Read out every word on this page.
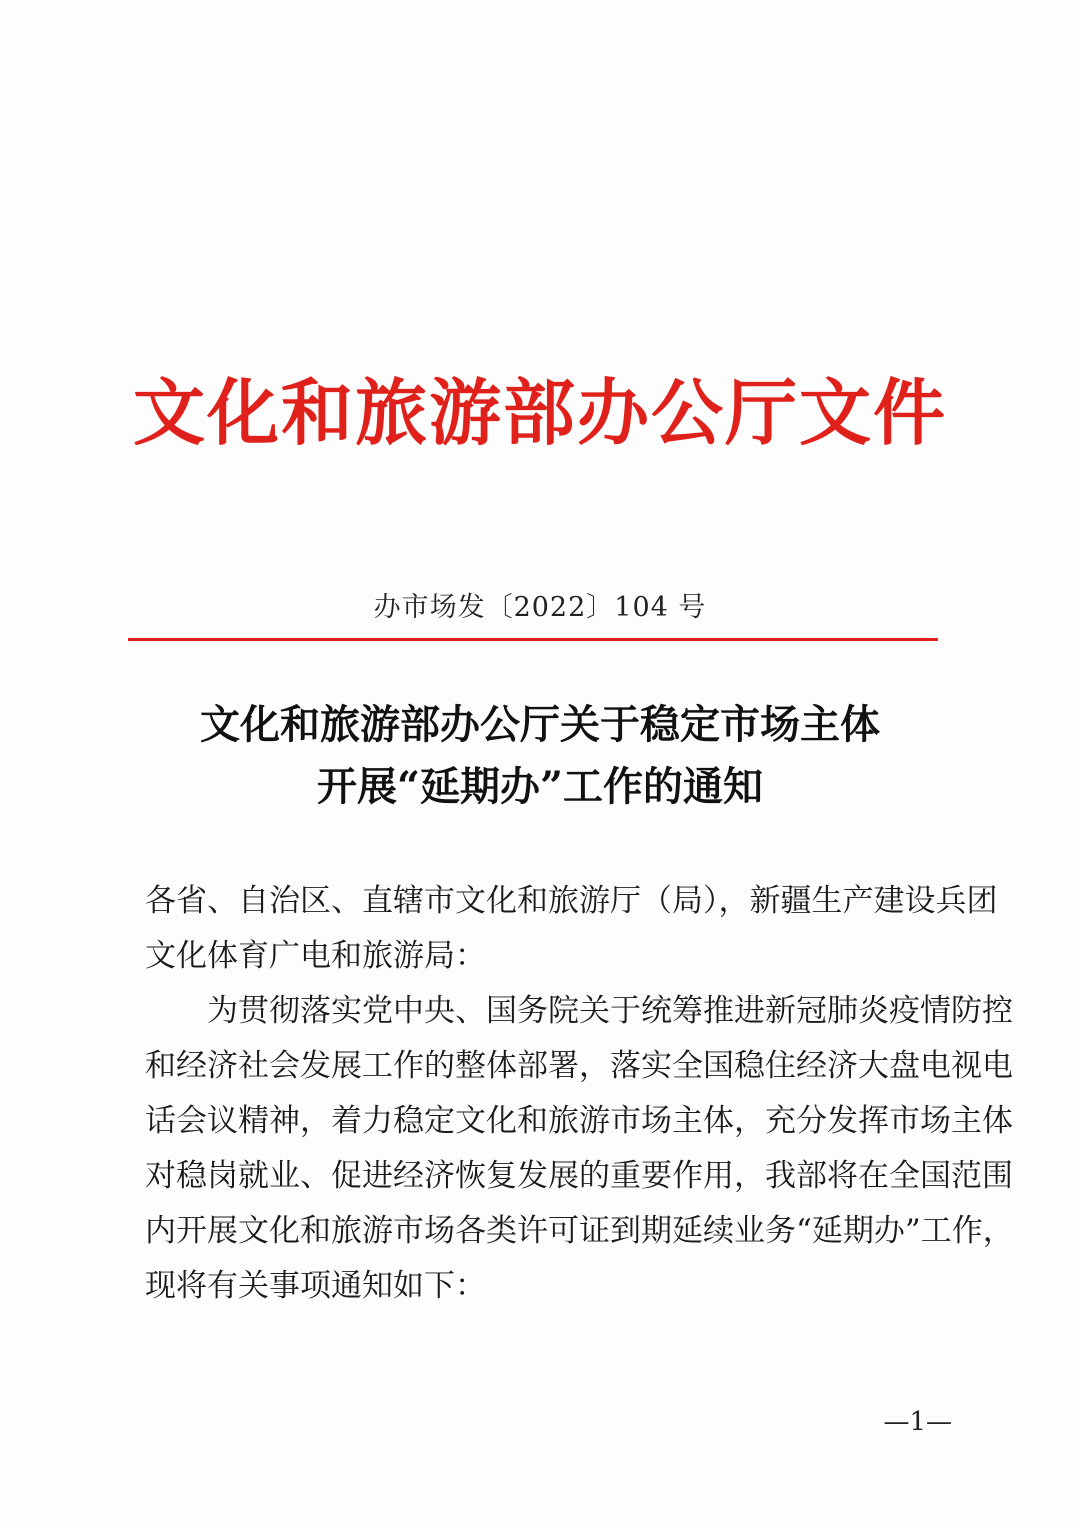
文化和旅游部办公厅文件
办市场发〔2022〕104 号
文化和旅游部办公厅关于稳定市场主体
开展“延期办”工作的通知
各省、自治区、直辖市文化和旅游厅（局），新疆生产建设兵团
文化体育广电和旅游局：
为贯彻落实党中央、国务院关于统筹推进新冠肺炎疫情防控
和经济社会发展工作的整体部署，落实全国稳住经济大盘电视电
话会议精神，着力稳定文化和旅游市场主体，充分发挥市场主体
对稳岗就业、促进经济恢复发展的重要作用，我部将在全国范围
内开展文化和旅游市场各类许可证到期延续业务“延期办”工作，
现将有关事项通知如下：
—1—
